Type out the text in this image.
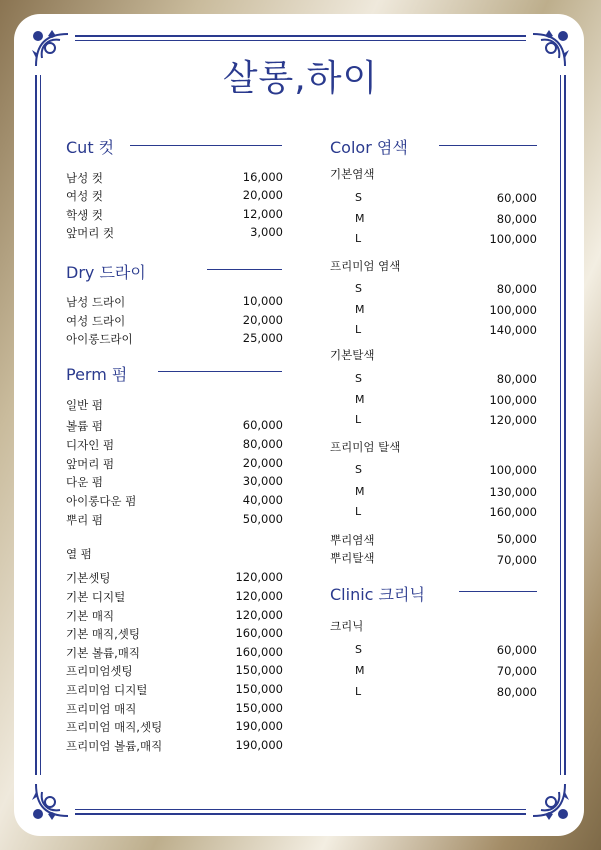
살롱,하이
Cut 컷
남성 컷	16,000
여성 컷	20,000
학생 컷	12,000
앞머리 컷	3,000
Dry 드라이
남성 드라이	10,000
여성 드라이	20,000
아이롱드라이	25,000
Perm 펌
일반 펌
볼륨 펌	60,000
디자인 펌	80,000
앞머리 펌	20,000
다운 펌	30,000
아이롱다운 펌	40,000
뿌리 펌	50,000
열 펌
기본셋팅	120,000
기본 디지털	120,000
기본 매직	120,000
기본 매직,셋팅	160,000
기본 볼륨,매직	160,000
프리미엄셋팅	150,000
프리미엄 디지털	150,000
프리미엄 매직	150,000
프리미엄 매직,셋팅	190,000
프리미엄 볼륨,매직	190,000
Color 염색
기본염색
S	60,000
M	80,000
L	100,000
프리미엄 염색
S	80,000
M	100,000
L	140,000
기본탈색
S	80,000
M	100,000
L	120,000
프리미엄 탈색
S	100,000
M	130,000
L	160,000
뿌리염색	50,000
뿌리탈색	70,000
Clinic 크리닉
크리닉
S	60,000
M	70,000
L	80,000
